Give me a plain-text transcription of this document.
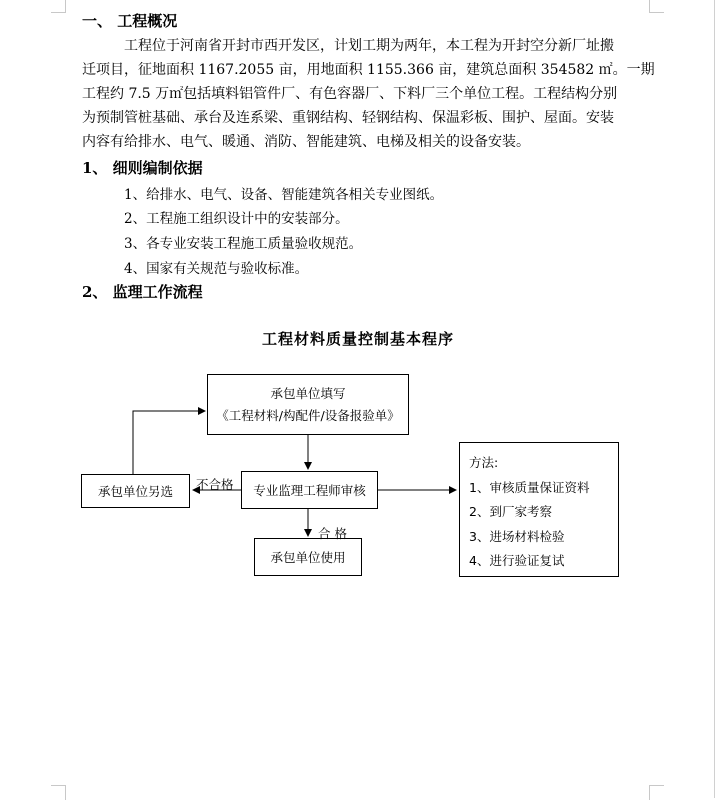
一、 工程概况
工程位于河南省开封市西开发区，计划工期为两年，本工程为开封空分新厂址搬
迁项目，征地面积 1167.2055 亩，用地面积 1155.366 亩，建筑总面积 354582 ㎡。一期
工程约 7.5 万㎡包括填料铝管件厂、有色容器厂、下料厂三个单位工程。工程结构分别
为预制管桩基础、承台及连系梁、重钢结构、轻钢结构、保温彩板、围护、屋面。安装
内容有给排水、电气、暖通、消防、智能建筑、电梯及相关的设备安装。
1、 细则编制依据
1、给排水、电气、设备、智能建筑各相关专业图纸。
2、工程施工组织设计中的安装部分。
3、各专业安装工程施工质量验收规范。
4、国家有关规范与验收标准。
2、 监理工作流程
工程材料质量控制基本程序
承包单位填写
《工程材料/构配件/设备报验单》
专业监理工程师审核
承包单位另选
承包单位使用
不合格
合 格
方法:
1、审核质量保证资料
2、到厂家考察
3、进场材料检验
4、进行验证复试
